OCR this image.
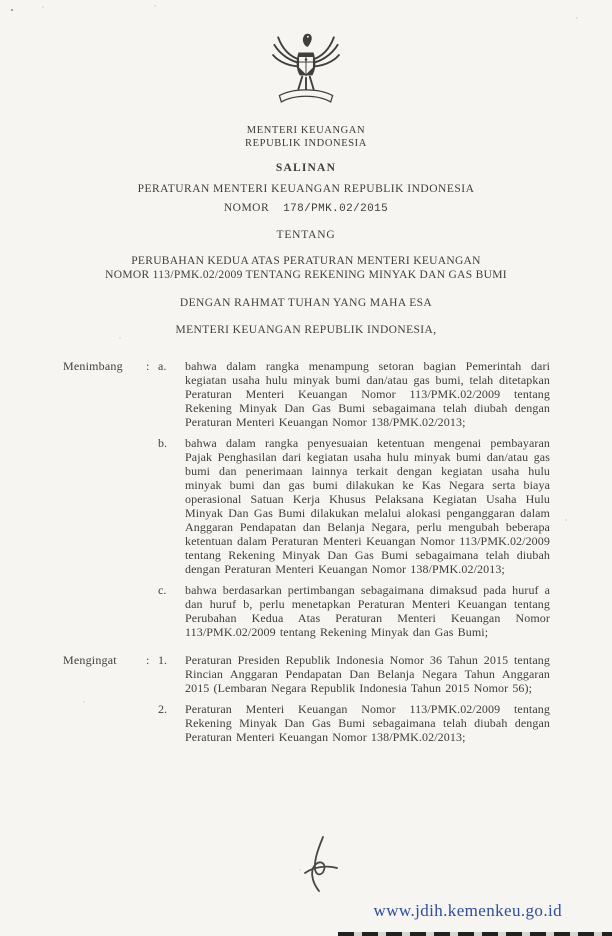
MENTERI KEUANGAN
REPUBLIK INDONESIA
SALINAN
PERATURAN MENTERI KEUANGAN REPUBLIK INDONESIA
NOMOR 178/PMK.02/2015
TENTANG
PERUBAHAN KEDUA ATAS PERATURAN MENTERI KEUANGAN
NOMOR 113/PMK.02/2009 TENTANG REKENING MINYAK DAN GAS BUMI
DENGAN RAHMAT TUHAN YANG MAHA ESA
MENTERI KEUANGAN REPUBLIK INDONESIA,
Menimbang	: a.	bahwa dalam rangka menampung setoran bagian Pemerintah dari kegiatan usaha hulu minyak bumi dan/atau gas bumi, telah ditetapkan Peraturan Menteri Keuangan Nomor 113/PMK.02/2009 tentang Rekening Minyak Dan Gas Bumi sebagaimana telah diubah dengan Peraturan Menteri Keuangan Nomor 138/PMK.02/2013;
b.	bahwa dalam rangka penyesuaian ketentuan mengenai pembayaran Pajak Penghasilan dari kegiatan usaha hulu minyak bumi dan/atau gas bumi dan penerimaan lainnya terkait dengan kegiatan usaha hulu minyak bumi dan gas bumi dilakukan ke Kas Negara serta biaya operasional Satuan Kerja Khusus Pelaksana Kegiatan Usaha Hulu Minyak Dan Gas Bumi dilakukan melalui alokasi penganggaran dalam Anggaran Pendapatan dan Belanja Negara, perlu mengubah beberapa ketentuan dalam Peraturan Menteri Keuangan Nomor 113/PMK.02/2009 tentang Rekening Minyak Dan Gas Bumi sebagaimana telah diubah dengan Peraturan Menteri Keuangan Nomor 138/PMK.02/2013;
c.	bahwa berdasarkan pertimbangan sebagaimana dimaksud pada huruf a dan huruf b, perlu menetapkan Peraturan Menteri Keuangan tentang Perubahan Kedua Atas Peraturan Menteri Keuangan Nomor 113/PMK.02/2009 tentang Rekening Minyak dan Gas Bumi;
Mengingat	: 1.	Peraturan Presiden Republik Indonesia Nomor 36 Tahun 2015 tentang Rincian Anggaran Pendapatan Dan Belanja Negara Tahun Anggaran 2015 (Lembaran Negara Republik Indonesia Tahun 2015 Nomor 56);
2.	Peraturan Menteri Keuangan Nomor 113/PMK.02/2009 tentang Rekening Minyak Dan Gas Bumi sebagaimana telah diubah dengan Peraturan Menteri Keuangan Nomor 138/PMK.02/2013;
www.jdih.kemenkeu.go.id
